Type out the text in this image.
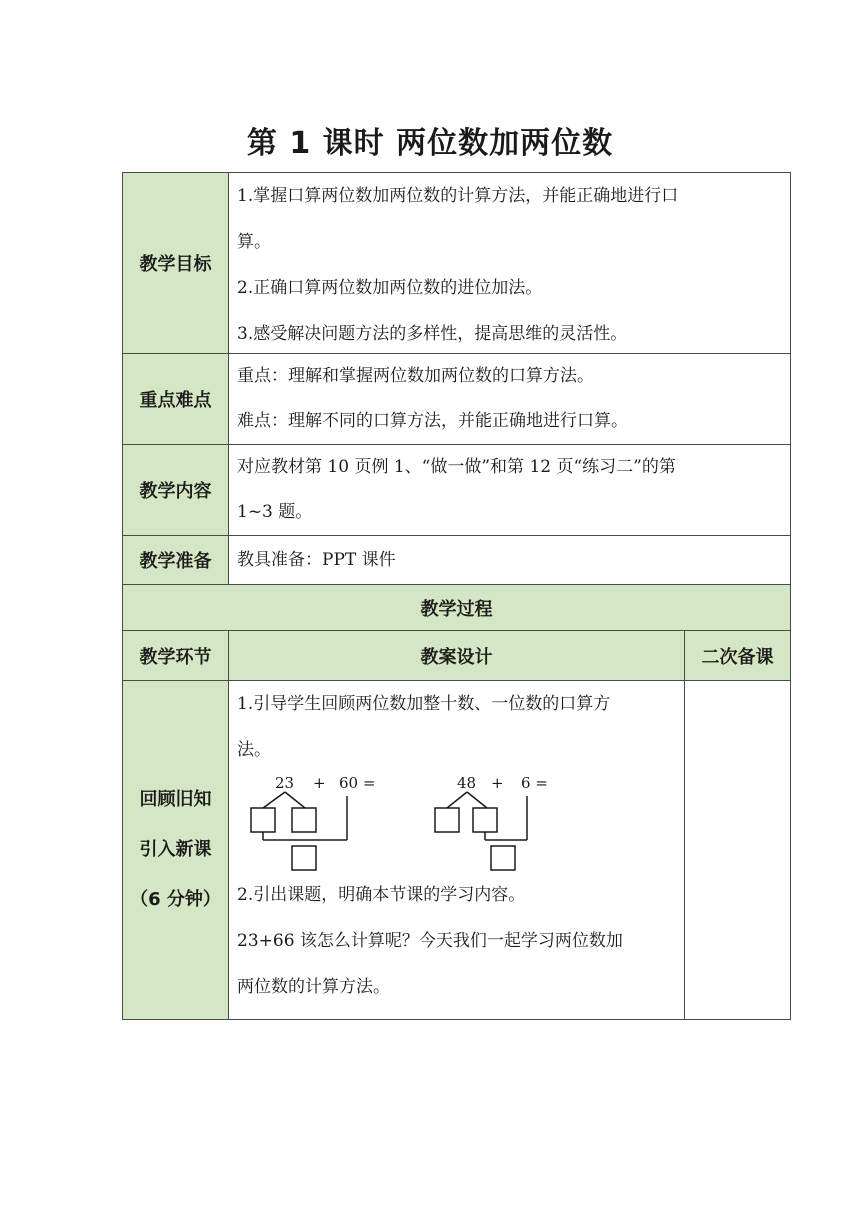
第 1 课时 两位数加两位数
教学目标

1.掌握口算两位数加两位数的计算方法，并能正确地进行口

算。

2.正确口算两位数加两位数的进位加法。

3.感受解决问题方法的多样性，提高思维的灵活性。

重点难点

重点：理解和掌握两位数加两位数的口算方法。

难点：理解不同的口算方法，并能正确地进行口算。

教学内容

对应教材第 10 页例 1、“做一做”和第 12 页“练习二”的第

1~3 题。

教学准备 教具准备：PPT 课件

教学过程
教学环节	教案设计	二次备课
回顾旧知
引入新课
（6 分钟）

1.引导学生回顾两位数加整十数、一位数的口算方

法。

23 + 60 =	48 + 6 =

2.引出课题，明确本节课的学习内容。

23+66 该怎么计算呢？今天我们一起学习两位数加

两位数的计算方法。
